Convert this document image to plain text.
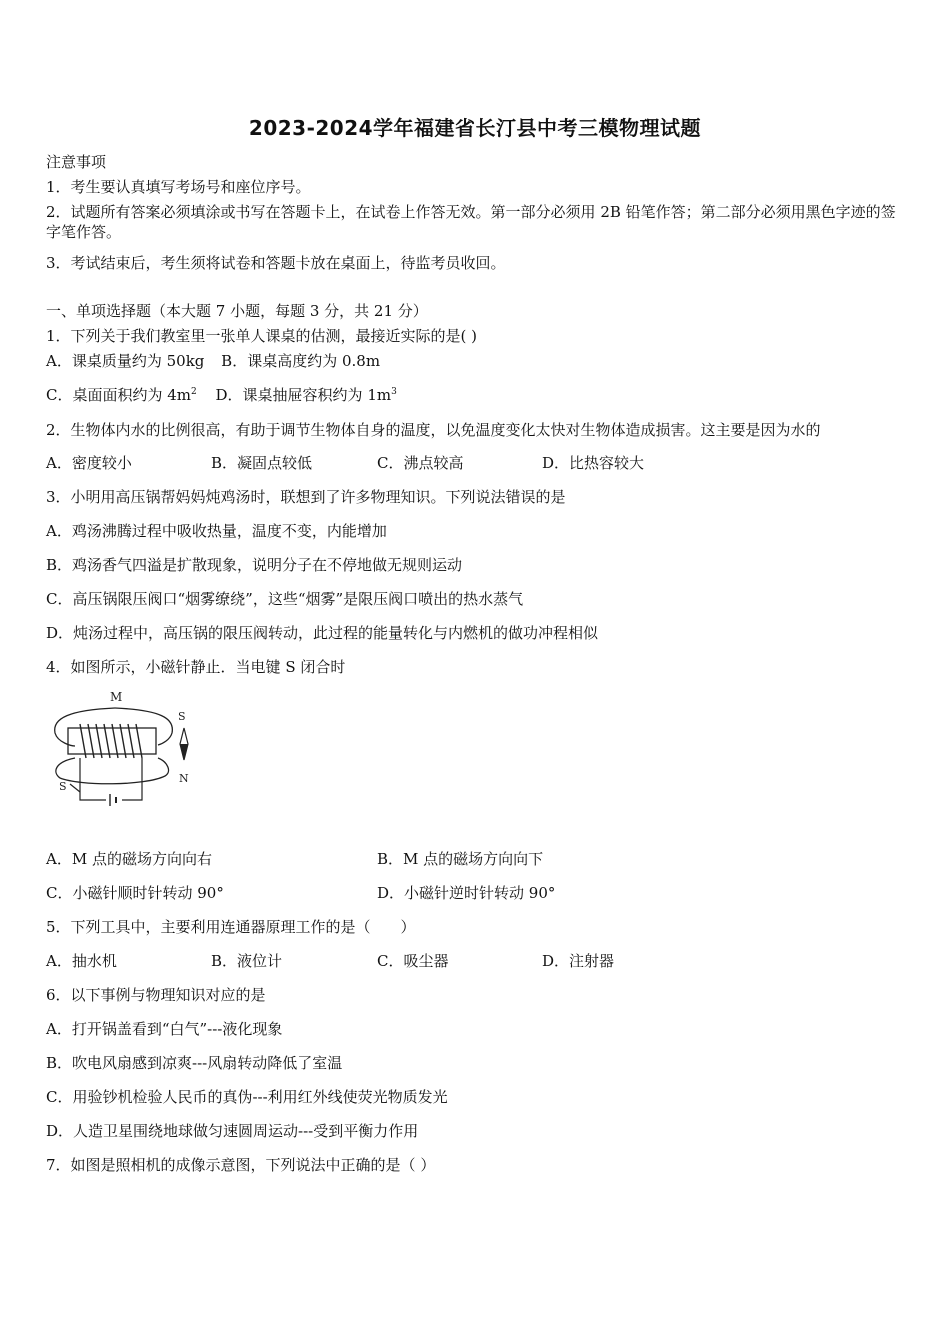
2023-2024学年福建省长汀县中考三模物理试题
注意事项
1．考生要认真填写考场号和座位序号。
2．试题所有答案必须填涂或书写在答题卡上，在试卷上作答无效。第一部分必须用 2B 铅笔作答；第二部分必须用黑色字迹的签字笔作答。
3．考试结束后，考生须将试卷和答题卡放在桌面上，待监考员收回。
一、单项选择题（本大题 7 小题，每题 3 分，共 21 分）
1．下列关于我们教室里一张单人课桌的估测，最接近实际的是( )
A．课桌质量约为 50kg B．课桌高度约为 0.8m
C．桌面面积约为 $4m^2$ D．课桌抽屉容积约为 $1m^3$
2．生物体内水的比例很高，有助于调节生物体自身的温度，以免温度变化太快对生物体造成损害。这主要是因为水的
A．密度较小	B．凝固点较低	C．沸点较高	D．比热容较大
3．小明用高压锅帮妈妈炖鸡汤时，联想到了许多物理知识。下列说法错误的是
A．鸡汤沸腾过程中吸收热量，温度不变，内能增加
B．鸡汤香气四溢是扩散现象，说明分子在不停地做无规则运动
C．高压锅限压阀口“烟雾缭绕”，这些“烟雾”是限压阀口喷出的热水蒸气
D．炖汤过程中，高压锅的限压阀转动，此过程的能量转化与内燃机的做功冲程相似
4．如图所示，小磁针静止．当电键 S 闭合时
M
S
N
S
A．M 点的磁场方向向右	B．M 点的磁场方向向下
C．小磁针顺时针转动 90°	D．小磁针逆时针转动 90°
5．下列工具中，主要利用连通器原理工作的是（　　）
A．抽水机	B．液位计	C．吸尘器	D．注射器
6．以下事例与物理知识对应的是
A．打开锅盖看到“白气”---液化现象
B．吹电风扇感到凉爽---风扇转动降低了室温
C．用验钞机检验人民币的真伪---利用红外线使荧光物质发光
D．人造卫星围绕地球做匀速圆周运动---受到平衡力作用
7．如图是照相机的成像示意图，下列说法中正确的是（ ）
